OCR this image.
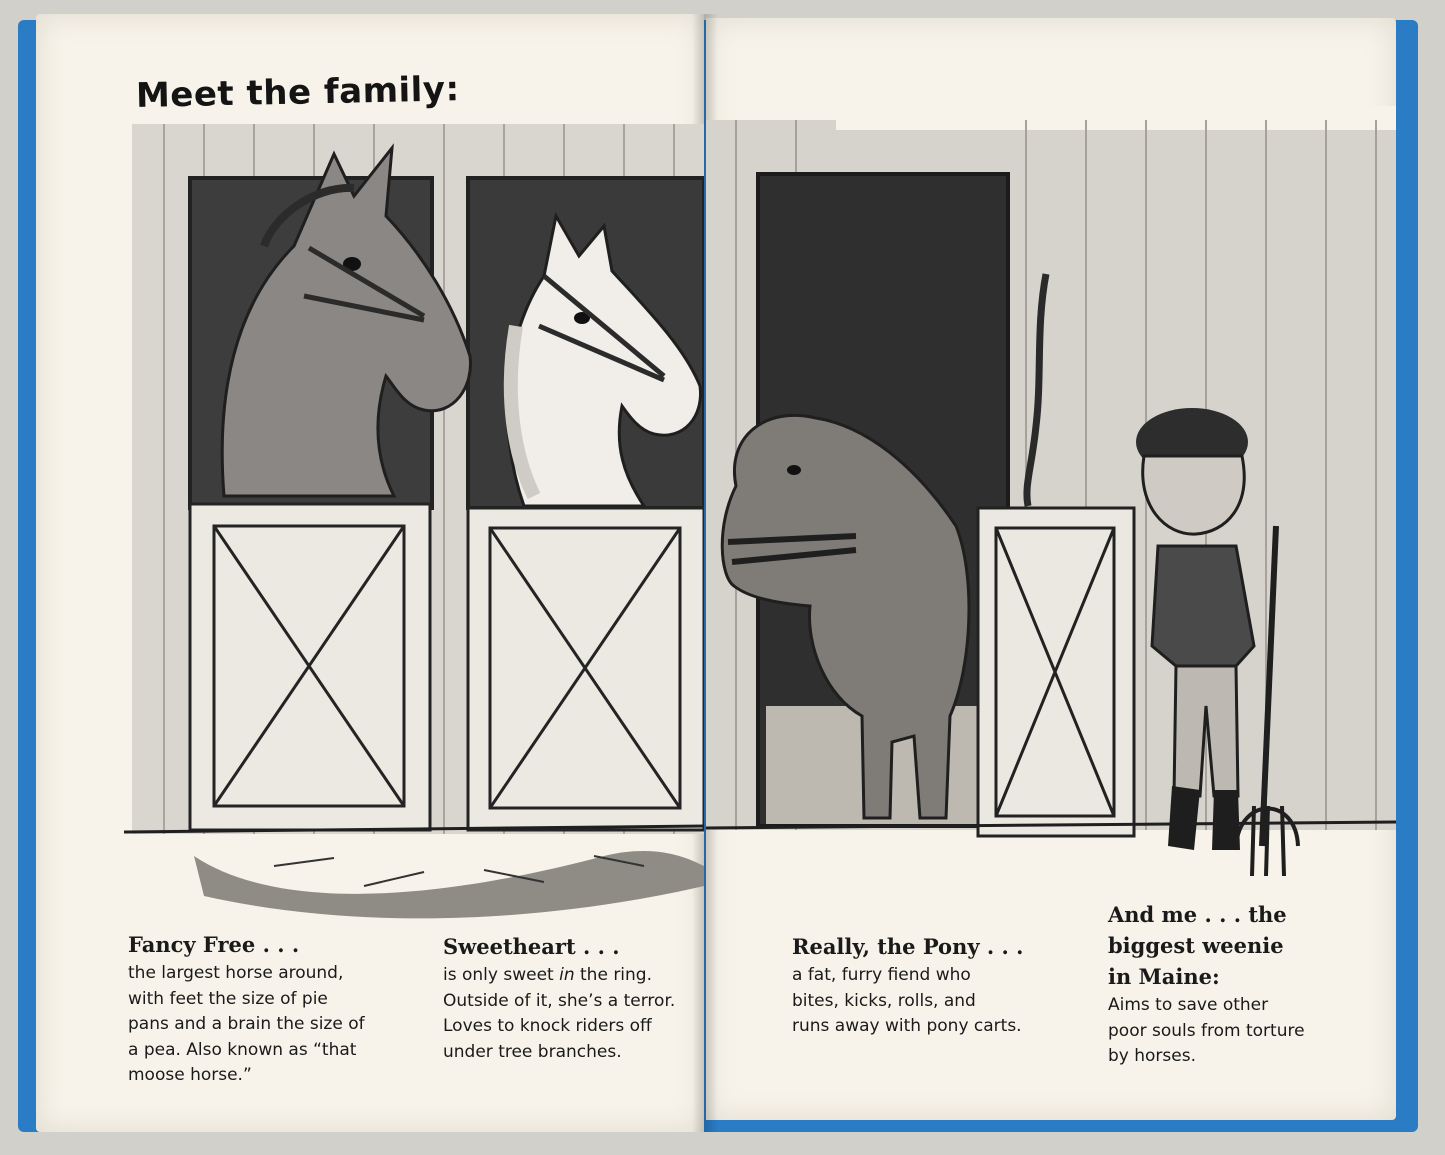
Meet the family:
Fancy Free . . .
the largest horse around,
with feet the size of pie
pans and a brain the size of
a pea. Also known as “that
moose horse.”
Sweetheart . . .
is only sweet in the ring.
Outside of it, she’s a terror.
Loves to knock riders off
under tree branches.
Really, the Pony . . .
a fat, furry fiend who
bites, kicks, rolls, and
runs away with pony carts.
And me . . . the
biggest weenie
in Maine:
Aims to save other
poor souls from torture
by horses.
